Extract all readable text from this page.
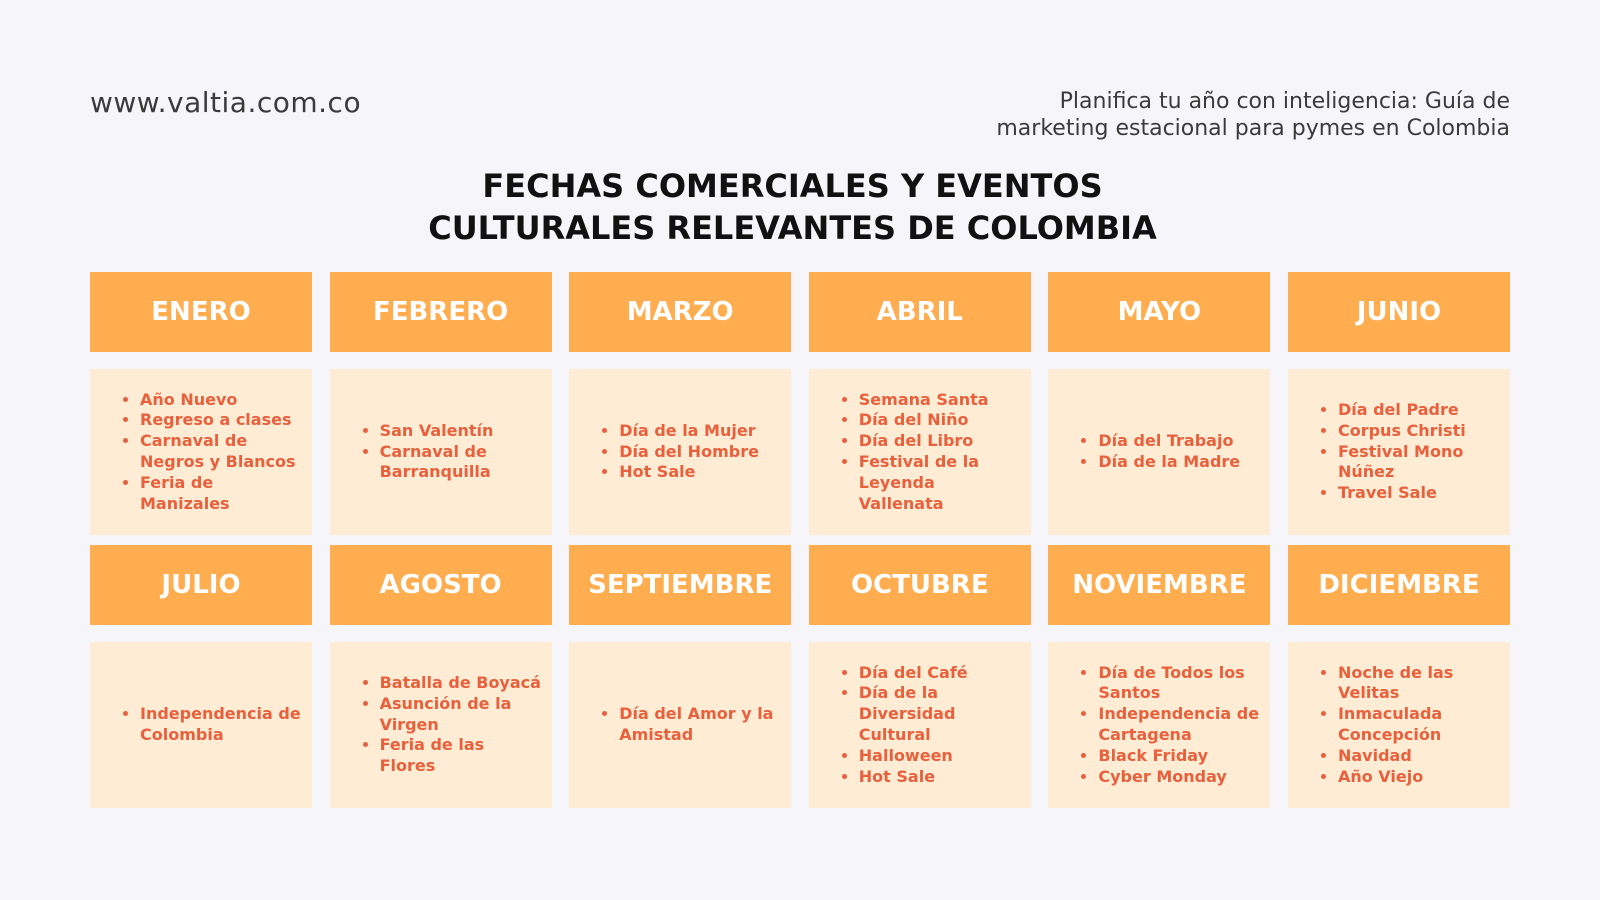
www.valtia.com.co	Planifica tu año con inteligencia: Guía de
marketing estacional para pymes en Colombia
FECHAS COMERCIALES Y EVENTOS
CULTURALES RELEVANTES DE COLOMBIA
ENERO
• Año Nuevo
• Regreso a clases
• Carnaval de Negros y Blancos
• Feria de Manizales
FEBRERO
• San Valentín
• Carnaval de Barranquilla
MARZO
• Día de la Mujer
• Día del Hombre
• Hot Sale
ABRIL
• Semana Santa
• Día del Niño
• Día del Libro
• Festival de la Leyenda Vallenata
MAYO
• Día del Trabajo
• Día de la Madre
JUNIO
• Día del Padre
• Corpus Christi
• Festival Mono Núñez
• Travel Sale
JULIO
• Independencia de Colombia
AGOSTO
• Batalla de Boyacá
• Asunción de la Virgen
• Feria de las Flores
SEPTIEMBRE
• Día del Amor y la Amistad
OCTUBRE
• Día del Café
• Día de la Diversidad Cultural
• Halloween
• Hot Sale
NOVIEMBRE
• Día de Todos los Santos
• Independencia de Cartagena
• Black Friday
• Cyber Monday
DICIEMBRE
• Noche de las Velitas
• Inmaculada Concepción
• Navidad
• Año Viejo
